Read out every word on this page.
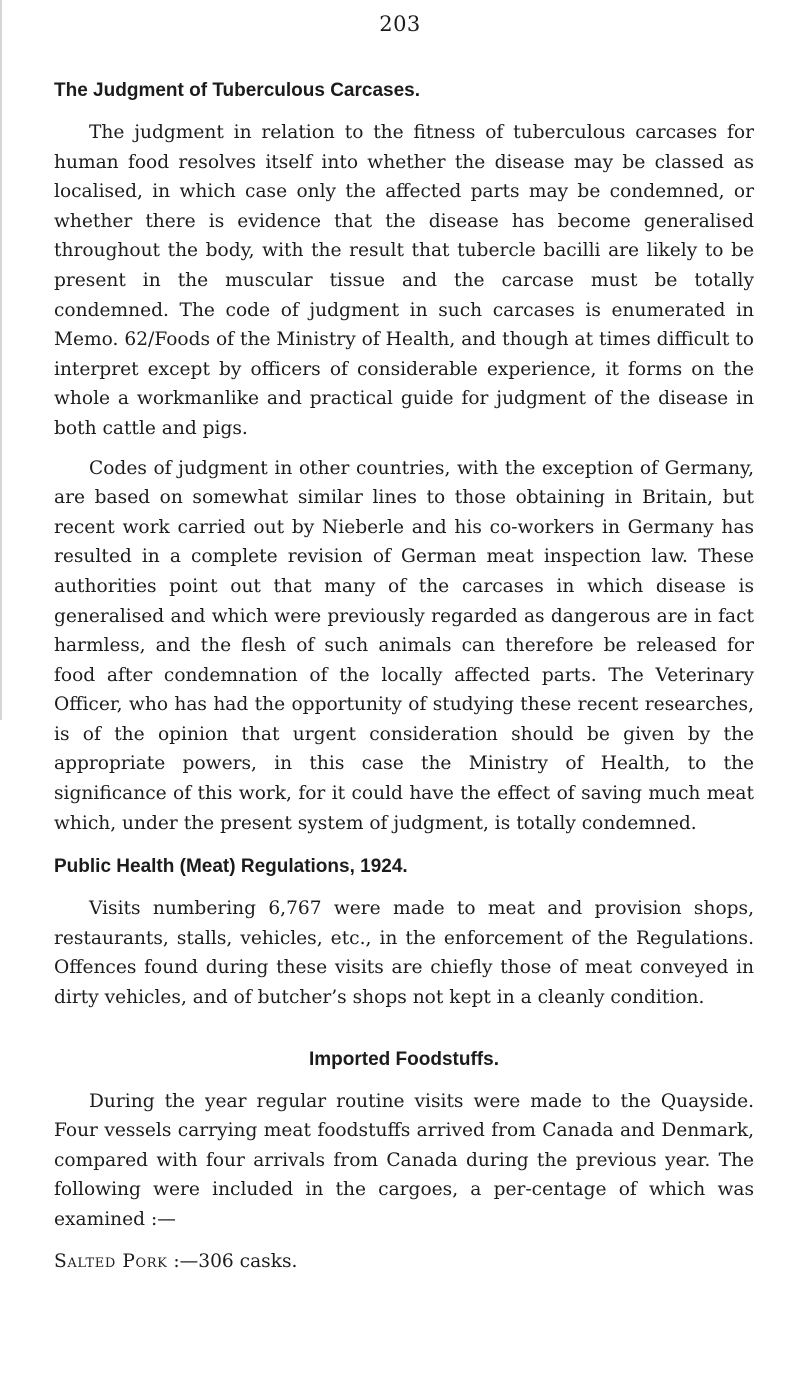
203
The Judgment of Tuberculous Carcases.

The judgment in relation to the fitness of tuberculous carcases for human food resolves itself into whether the disease may be classed as localised, in which case only the affected parts may be condemned, or whether there is evidence that the disease has become generalised throughout the body, with the result that tubercle bacilli are likely to be present in the muscular tissue and the carcase must be totally condemned. The code of judgment in such carcases is enumerated in Memo. 62/Foods of the Ministry of Health, and though at times difficult to interpret except by officers of considerable experience, it forms on the whole a workmanlike and practical guide for judgment of the disease in both cattle and pigs.

Codes of judgment in other countries, with the exception of Germany, are based on somewhat similar lines to those obtaining in Britain, but recent work carried out by Nieberle and his co-workers in Germany has resulted in a complete revision of German meat inspection law. These authorities point out that many of the carcases in which disease is generalised and which were previously regarded as dangerous are in fact harmless, and the flesh of such animals can therefore be released for food after condemnation of the locally affected parts. The Veterinary Officer, who has had the opportunity of studying these recent researches, is of the opinion that urgent consideration should be given by the appropriate powers, in this case the Ministry of Health, to the significance of this work, for it could have the effect of saving much meat which, under the present system of judgment, is totally condemned.

Public Health (Meat) Regulations, 1924.

Visits numbering 6,767 were made to meat and provision shops, restaurants, stalls, vehicles, etc., in the enforcement of the Regulations. Offences found during these visits are chiefly those of meat conveyed in dirty vehicles, and of butcher’s shops not kept in a cleanly condition.

Imported Foodstuffs.

During the year regular routine visits were made to the Quayside. Four vessels carrying meat foodstuffs arrived from Canada and Denmark, compared with four arrivals from Canada during the previous year. The following were included in the cargoes, a per-centage of which was examined :—

Salted Pork :—306 casks.
